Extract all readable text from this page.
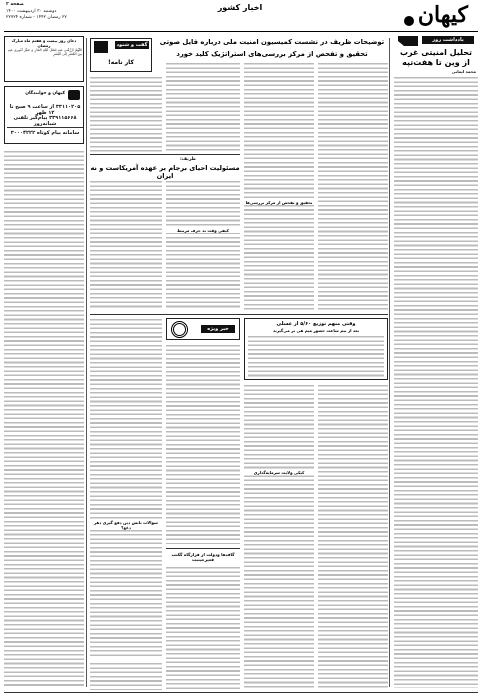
کیهان
اخبار کشور
صفحه ۲
دوشنبه ۳۰ اردیبهشت ۱۴۰۰
۲۷ رمضان ۱۴۴۲ - شماره ۲۲۷۲۴
یادداشت روز
تحلیل امنیتی غرب
از وین تا هفت‌تپه
محمد ایمانی
توضیحات ظریف در نشست کمیسیون امنیت ملی درباره فایل صوتی
تحقیق و تفحص از مرکز بررسی‌های استراتژیک کلید خورد
گفت و شنود
کار نامه!
ظریف:
مسئولیت احیای برجام بر عهده آمریکاست و نه ایران
کیفی وقت ند حرف مرتبط
تحقیق و تفحص از مرکز بررسی‌ها
وقتی منهم توزیع ۵/۶۰ از عسلی
بعد از نیم ساعت حضور میم هی‌ تر می‌گیرند
خبر ویژه
سوالات بانش دین دفع گیری دهر دغع؟
کیکی ولایت سرمایه‌گذاری
گاف‌ها ودولت از قرارگاه گکتب قعیرحیثیت
دعای روز بیست و هفتم ماه مبارک رمضان
اللّهُمَّ ارْزُقْنی فیهِ فَضْلَ لَیْلَةِ القَدْرِ وَ صَیِّرْ اُمُوری فیهِ مِنَ العُسْرِ اِلَی الیُسْرِ
کیهان و خوانندگان
۳۳۱۱۰۲۰۵ از ساعت ۹ صبح تا ۱۲ ظهر
۳۳۹۱۱۵۶۶۸ پیام‌گیر تلفنی شبانه‌روز
سامانه پیام کوتاه ۳۰۰۰۴۲۲۲
